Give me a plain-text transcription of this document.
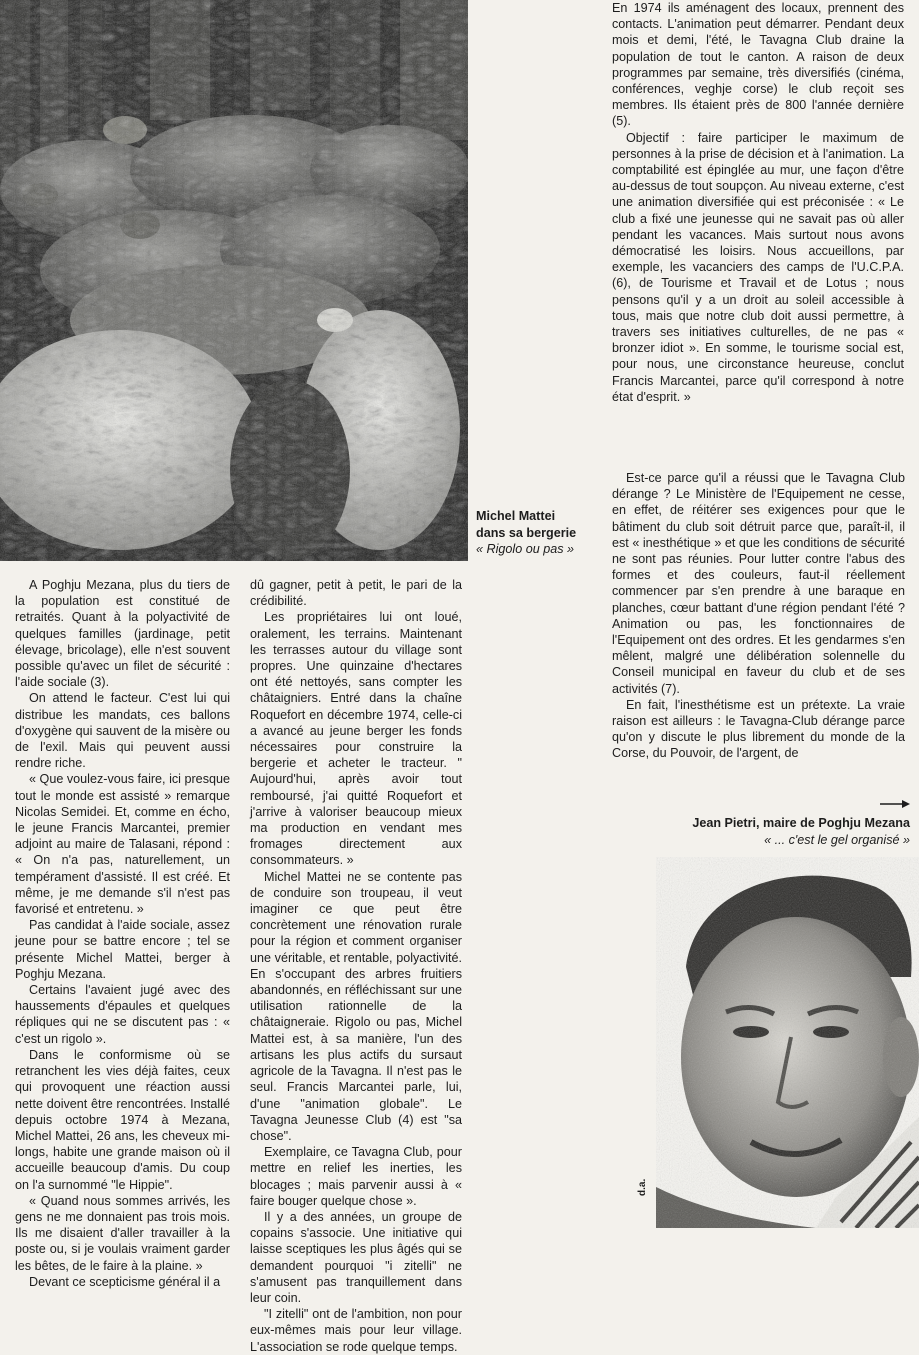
Michel Mattei
dans sa bergerie
« Rigolo ou pas »

En 1974 ils aménagent des locaux, prennent des contacts. L'animation peut démarrer. Pendant deux mois et demi, l'été, le Tavagna Club draine la population de tout le canton. A raison de deux programmes par semaine, très diversifiés (cinéma, conférences, veghje corse) le club reçoit ses membres. Ils étaient près de 800 l'année dernière (5).

Objectif : faire participer le maximum de personnes à la prise de décision et à l'animation. La comptabilité est épinglée au mur, une façon d'être au-dessus de tout soupçon. Au niveau externe, c'est une animation diversifiée qui est préconisée : « Le club a fixé une jeunesse qui ne savait pas où aller pendant les vacances. Mais surtout nous avons démocratisé les loisirs. Nous accueillons, par exemple, les vacanciers des camps de l'U.C.P.A. (6), de Tourisme et Travail et de Lotus ; nous pensons qu'il y a un droit au soleil accessible à tous, mais que notre club doit aussi permettre, à travers ses initiatives culturelles, de ne pas « bronzer idiot ». En somme, le tourisme social est, pour nous, une circonstance heureuse, conclut Francis Marcantei, parce qu'il correspond à notre état d'esprit. »

A Poghju Mezana, plus du tiers de la population est constitué de retraités. Quant à la polyactivité de quelques familles (jardinage, petit élevage, bricolage), elle n'est souvent possible qu'avec un filet de sécurité : l'aide sociale (3).

On attend le facteur. C'est lui qui distribue les mandats, ces ballons d'oxygène qui sauvent de la misère ou de l'exil. Mais qui peuvent aussi rendre riche.

« Que voulez-vous faire, ici presque tout le monde est assisté » remarque Nicolas Semidei. Et, comme en écho, le jeune Francis Marcantei, premier adjoint au maire de Talasani, répond : « On n'a pas, naturellement, un tempérament d'assisté. Il est créé. Et même, je me demande s'il n'est pas favorisé et entretenu. »

Pas candidat à l'aide sociale, assez jeune pour se battre encore ; tel se présente Michel Mattei, berger à Poghju Mezana.

Certains l'avaient jugé avec des haussements d'épaules et quelques répliques qui ne se discutent pas : « c'est un rigolo ».

Dans le conformisme où se retranchent les vies déjà faites, ceux qui provoquent une réaction aussi nette doivent être rencontrées. Installé depuis octobre 1974 à Mezana, Michel Mattei, 26 ans, les cheveux mi-longs, habite une grande maison où il accueille beaucoup d'amis. Du coup on l'a surnommé "le Hippie".

« Quand nous sommes arrivés, les gens ne me donnaient pas trois mois. Ils me disaient d'aller travailler à la poste ou, si je voulais vraiment garder les bêtes, de le faire à la plaine. »

Devant ce scepticisme général il a

dû gagner, petit à petit, le pari de la crédibilité.

Les propriétaires lui ont loué, oralement, les terrains. Maintenant les terrasses autour du village sont propres. Une quinzaine d'hectares ont été nettoyés, sans compter les châtaigniers. Entré dans la chaîne Roquefort en décembre 1974, celle-ci a avancé au jeune berger les fonds nécessaires pour construire la bergerie et acheter le tracteur. " Aujourd'hui, après avoir tout remboursé, j'ai quitté Roquefort et j'arrive à valoriser beaucoup mieux ma production en vendant mes fromages directement aux consommateurs. »

Michel Mattei ne se contente pas de conduire son troupeau, il veut imaginer ce que peut être concrètement une rénovation rurale pour la région et comment organiser une véritable, et rentable, polyactivité. En s'occupant des arbres fruitiers abandonnés, en réfléchissant sur une utilisation rationnelle de la châtaigneraie. Rigolo ou pas, Michel Mattei est, à sa manière, l'un des artisans les plus actifs du sursaut agricole de la Tavagna. Il n'est pas le seul. Francis Marcantei parle, lui, d'une "animation globale". Le Tavagna Jeunesse Club (4) est "sa chose".

Exemplaire, ce Tavagna Club, pour mettre en relief les inerties, les blocages ; mais parvenir aussi à « faire bouger quelque chose ».

Il y a des années, un groupe de copains s'associe. Une initiative qui laisse sceptiques les plus âgés qui se demandent pourquoi "i zitelli" ne s'amusent pas tranquillement dans leur coin.

"I zitelli" ont de l'ambition, non pour eux-mêmes mais pour leur village. L'association se rode quelque temps.

Est-ce parce qu'il a réussi que le Tavagna Club dérange ? Le Ministère de l'Equipement ne cesse, en effet, de réitérer ses exigences pour que le bâtiment du club soit détruit parce que, paraît-il, il est « inesthétique » et que les conditions de sécurité ne sont pas réunies. Pour lutter contre l'abus des formes et des couleurs, faut-il réellement commencer par s'en prendre à une baraque en planches, cœur battant d'une région pendant l'été ? Animation ou pas, les fonctionnaires de l'Equipement ont des ordres. Et les gendarmes s'en mêlent, malgré une délibération solennelle du Conseil municipal en faveur du club et de ses activités (7).

En fait, l'inesthétisme est un prétexte. La vraie raison est ailleurs : le Tavagna-Club dérange parce qu'on y discute le plus librement du monde de la Corse, du Pouvoir, de l'argent, de

Jean Pietri, maire de Poghju Mezana
« ... c'est le gel organisé »
d.a.
